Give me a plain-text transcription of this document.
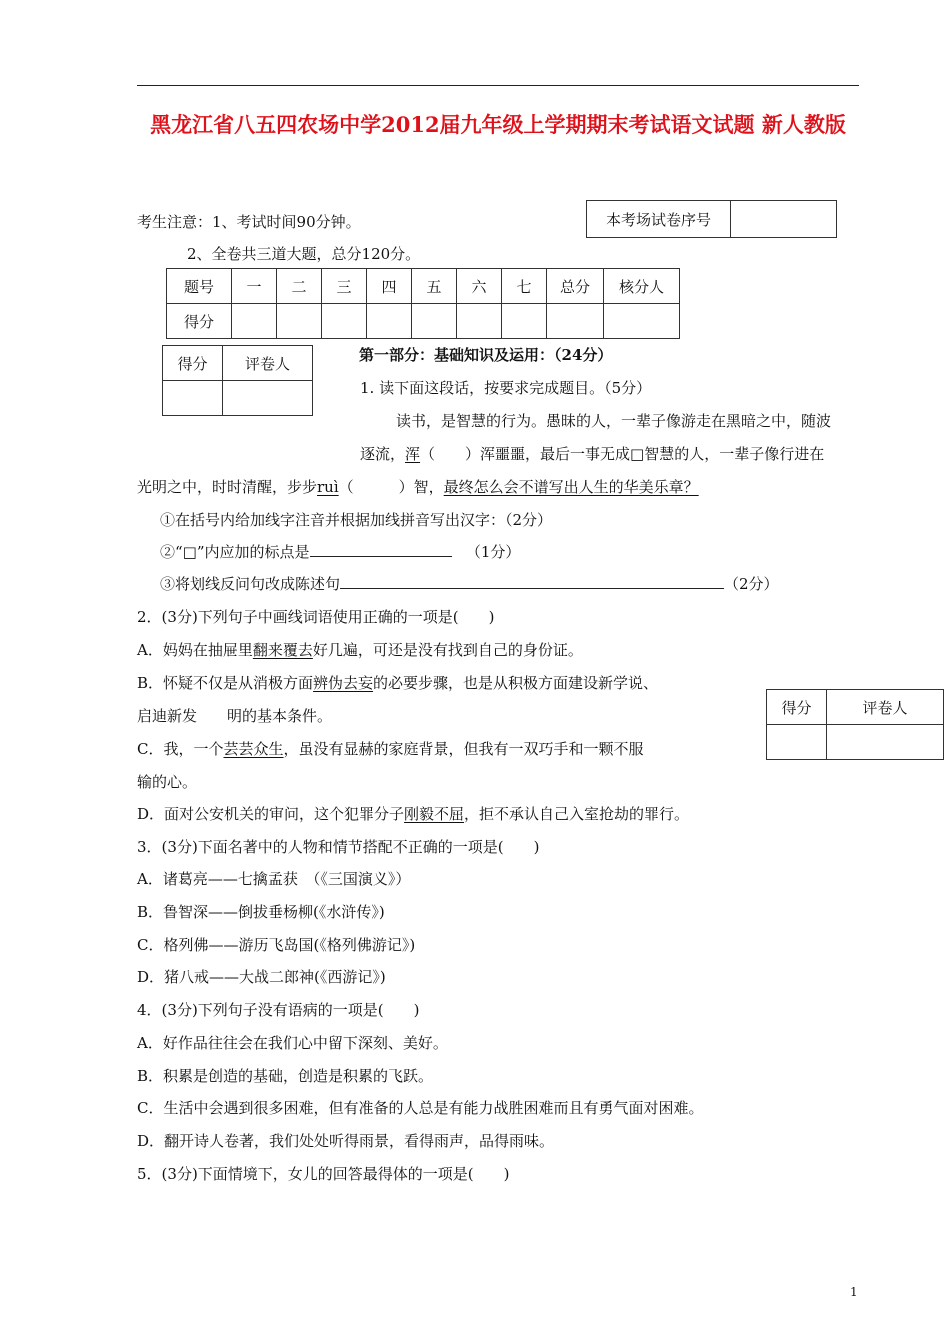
黑龙江省八五四农场中学2012届九年级上学期期末考试语文试题 新人教版
考生注意：1、考试时间90分钟。
2、全卷共三道大题，总分120分。
本考场试卷序号	
题号	一	二	三	四	五	六	七	总分	核分人
得分									
得分	评卷人
		第一部分：基础知识及运用：（24分）
1. 读下面这段话，按要求完成题目。（5分）
读书，是智慧的行为。愚昧的人，一辈子像游走在黑暗之中，随波
逐流，浑（　　）浑噩噩，最后一事无成□智慧的人，一辈子像行进在
光明之中，时时清醒，步步ruì（　　　）智，最终怎么会不谱写出人生的华美乐章？
①在括号内给加线字注音并根据加线拼音写出汉字：（2分）
②“□”内应加的标点是	（1分）
③将划线反问句改成陈述句	（2分）
2．(3分)下列句子中画线词语使用正确的一项是(　　)
A．妈妈在抽屉里翻来覆去好几遍，可还是没有找到自己的身份证。
B．怀疑不仅是从消极方面辨伪去妄的必要步骤，也是从积极方面建设新学说、
启迪新发　　明的基本条件。
C．我，一个芸芸众生，虽没有显赫的家庭背景，但我有一双巧手和一颗不服
输的心。
D．面对公安机关的审问，这个犯罪分子刚毅不屈，拒不承认自己入室抢劫的罪行。
得分	评卷人

3．(3分)下面名著中的人物和情节搭配不正确的一项是(　　)
A．诸葛亮——七擒孟获　（《三国演义》）
B．鲁智深——倒拔垂杨柳(《水浒传》)
C．格列佛——游历飞岛国(《格列佛游记》)
D．猪八戒——大战二郎神(《西游记》)
4．(3分)下列句子没有语病的一项是(　　)
A．好作品往往会在我们心中留下深刻、美好。
B．积累是创造的基础，创造是积累的飞跃。
C．生活中会遇到很多困难，但有准备的人总是有能力战胜困难而且有勇气面对困难。
D．翻开诗人卷著，我们处处听得雨景，看得雨声，品得雨味。
5．(3分)下面情境下，女儿的回答最得体的一项是(　　)
1
